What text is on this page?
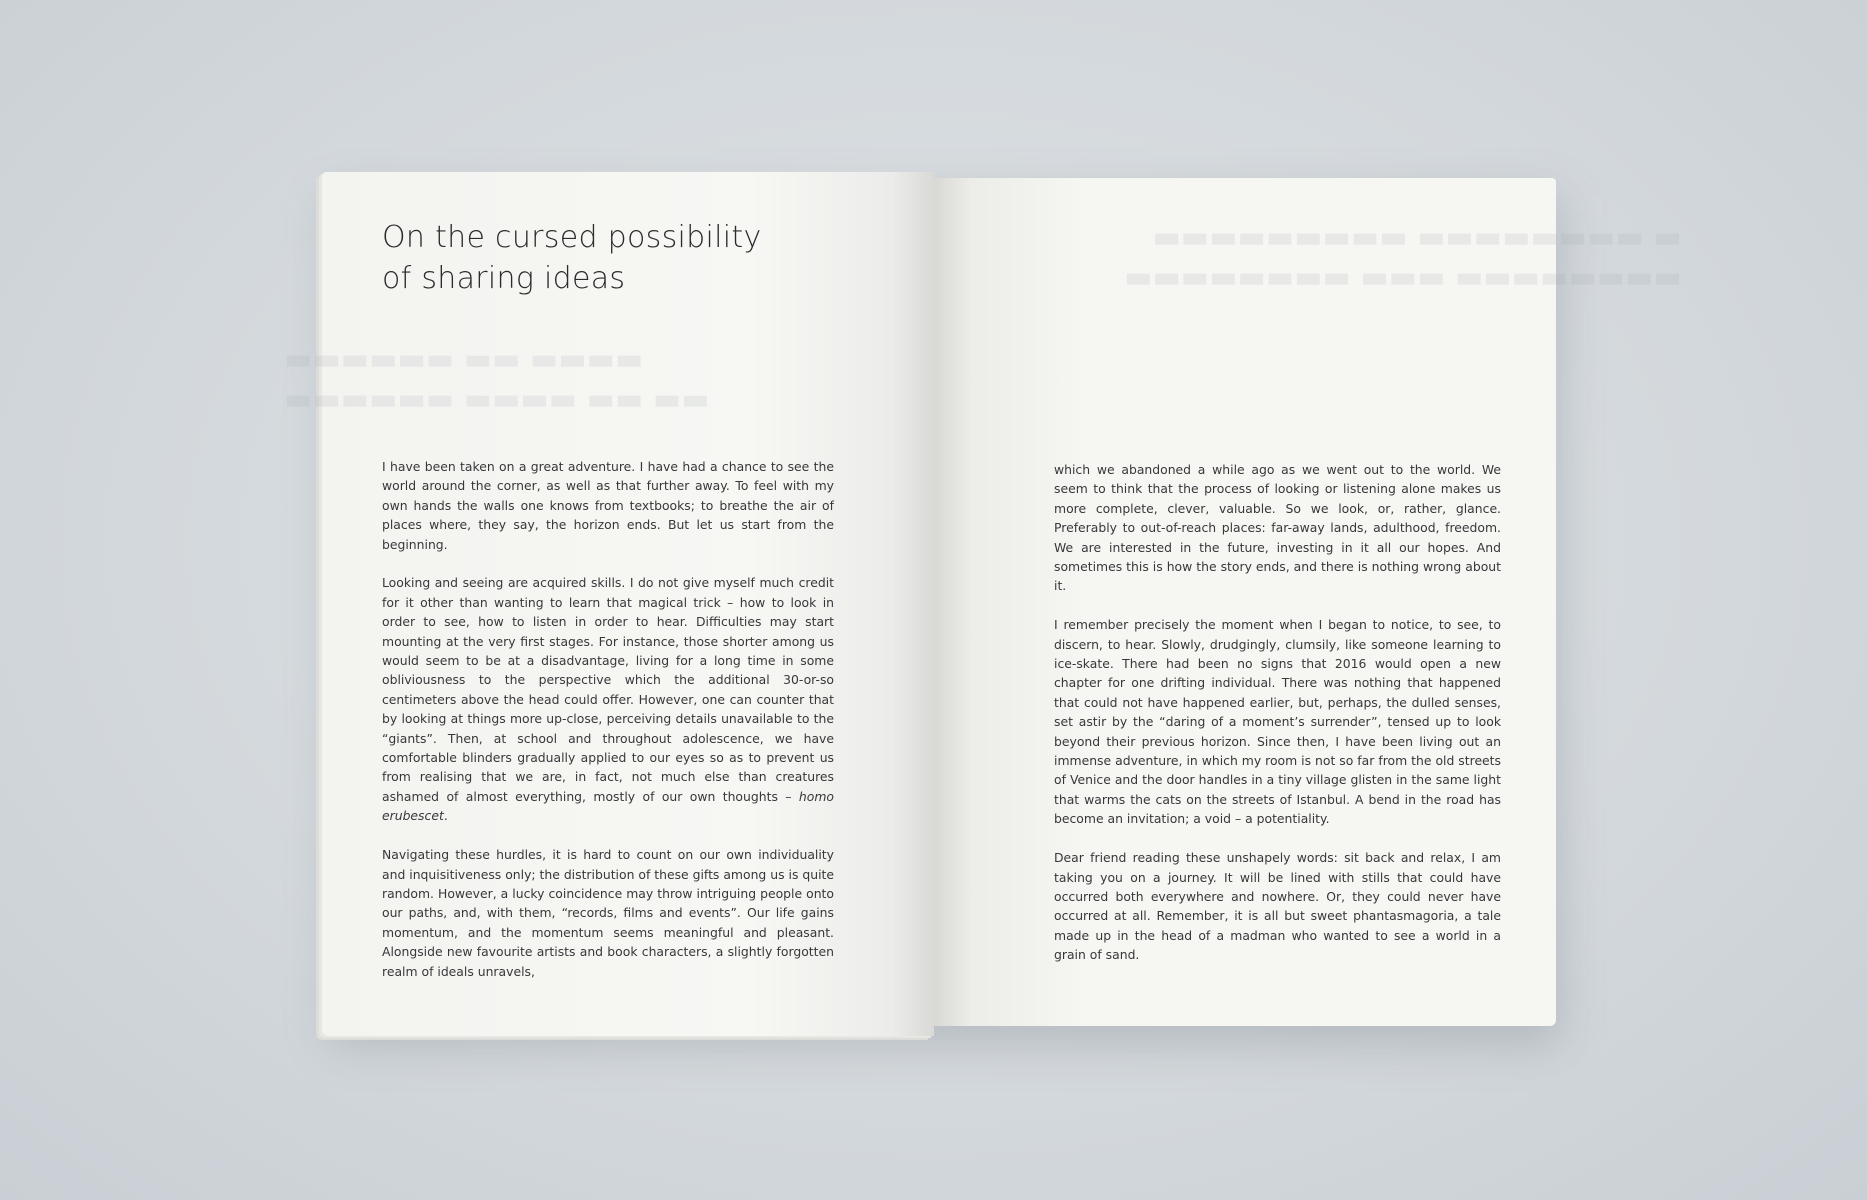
▬▬▬▬ ▬▬ ▬▬▬▬▬▬
▬▬ ▬▬ ▬▬▬▬ ▬▬▬▬▬▬
On the cursed possibility
of sharing ideas

I have been taken on a great adventure. I have had a chance to see the world around the corner, as well as that further away. To feel with my own hands the walls one knows from textbooks; to breathe the air of places where, they say, the horizon ends. But let us start from the beginning.

Looking and seeing are acquired skills. I do not give myself much credit for it other than wanting to learn that magical trick – how to look in order to see, how to listen in order to hear. Difficulties may start mounting at the very first stages. For instance, those shorter among us would seem to be at a disadvantage, living for a long time in some obliviousness to the perspective which the additional 30-or-so centimeters above the head could offer. However, one can counter that by looking at things more up-close, perceiving details unavailable to the “giants”. Then, at school and throughout adolescence, we have comfortable blinders gradually applied to our eyes so as to prevent us from realising that we are, in fact, not much else than creatures ashamed of almost everything, mostly of our own thoughts – homo erubescet.

Navigating these hurdles, it is hard to count on our own individuality and inquisitiveness only; the distribution of these gifts among us is quite random. However, a lucky coincidence may throw intriguing people onto our paths, and, with them, “records, films and events”. Our life gains momentum, and the momentum seems meaningful and pleasant. Alongside new favourite artists and book characters, a slightly forgotten realm of ideals unravels,

▬ ▬▬▬▬▬▬▬▬ ▬▬▬▬▬▬▬▬▬
▬▬▬▬▬▬▬▬ ▬▬▬ ▬▬▬▬▬▬▬▬

which we abandoned a while ago as we went out to the world. We seem to think that the process of looking or listening alone makes us more complete, clever, valuable. So we look, or, rather, glance. Preferably to out-of-reach places: far-away lands, adulthood, freedom. We are interested in the future, investing in it all our hopes. And sometimes this is how the story ends, and there is nothing wrong about it.

I remember precisely the moment when I began to notice, to see, to discern, to hear. Slowly, drudgingly, clumsily, like someone learning to ice-skate. There had been no signs that 2016 would open a new chapter for one drifting individual. There was nothing that happened that could not have happened earlier, but, perhaps, the dulled senses, set astir by the “daring of a moment’s surrender”, tensed up to look beyond their previous horizon. Since then, I have been living out an immense adventure, in which my room is not so far from the old streets of Venice and the door handles in a tiny village glisten in the same light that warms the cats on the streets of Istanbul. A bend in the road has become an invitation; a void – a potentiality.

Dear friend reading these unshapely words: sit back and relax, I am taking you on a journey. It will be lined with stills that could have occurred both everywhere and nowhere. Or, they could never have occurred at all. Remember, it is all but sweet phantasmagoria, a tale made up in the head of a madman who wanted to see a world in a grain of sand.
